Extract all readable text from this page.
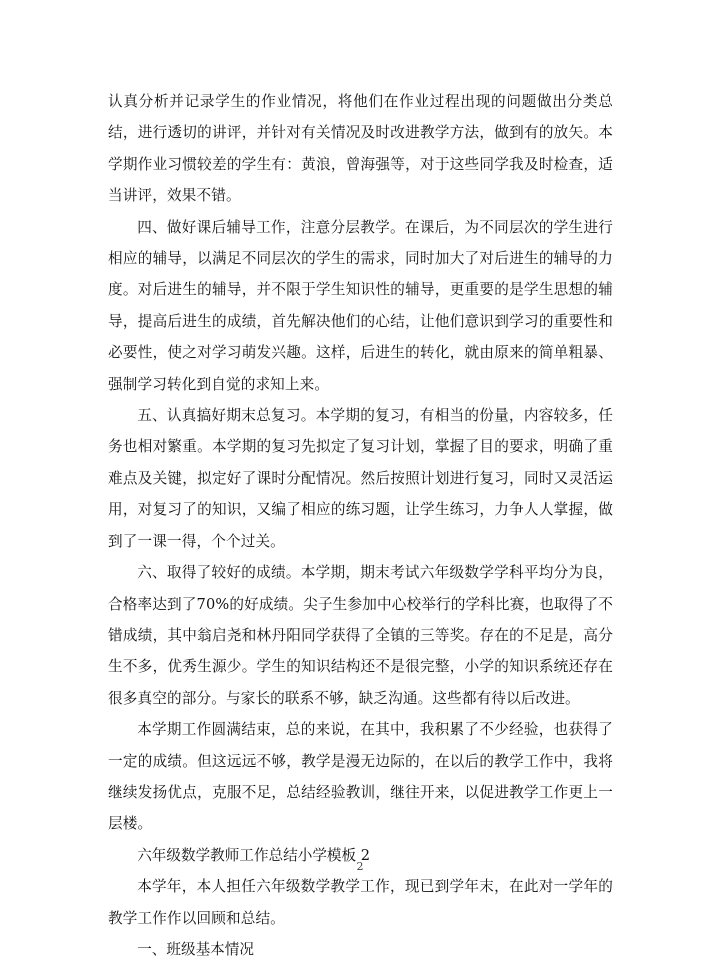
认真分析并记录学生的作业情况，将他们在作业过程出现的问题做出分类总结，进行透切的讲评，并针对有关情况及时改进教学方法，做到有的放矢。本学期作业习惯较差的学生有：黄浪，曾海强等，对于这些同学我及时检查，适当讲评，效果不错。

四、做好课后辅导工作，注意分层教学。在课后，为不同层次的学生进行相应的辅导，以满足不同层次的学生的需求，同时加大了对后进生的辅导的力度。对后进生的辅导，并不限于学生知识性的辅导，更重要的是学生思想的辅导，提高后进生的成绩，首先解决他们的心结，让他们意识到学习的重要性和必要性，使之对学习萌发兴趣。这样，后进生的转化，就由原来的简单粗暴、强制学习转化到自觉的求知上来。

五、认真搞好期末总复习。本学期的复习，有相当的份量，内容较多，任务也相对繁重。本学期的复习先拟定了复习计划，掌握了目的要求，明确了重难点及关键，拟定好了课时分配情况。然后按照计划进行复习，同时又灵活运用，对复习了的知识，又编了相应的练习题，让学生练习，力争人人掌握，做到了一课一得，个个过关。

六、取得了较好的成绩。本学期，期末考试六年级数学学科平均分为良，合格率达到了70%的好成绩。尖子生参加中心校举行的学科比赛，也取得了不错成绩，其中翁启尧和林丹阳同学获得了全镇的三等奖。存在的不足是，高分生不多，优秀生源少。学生的知识结构还不是很完整，小学的知识系统还存在很多真空的部分。与家长的联系不够，缺乏沟通。这些都有待以后改进。

本学期工作圆满结束，总的来说，在其中，我积累了不少经验，也获得了一定的成绩。但这远远不够，教学是漫无边际的，在以后的教学工作中，我将继续发扬优点，克服不足，总结经验教训，继往开来，以促进教学工作更上一层楼。

六年级数学教师工作总结小学模板 2

本学年，本人担任六年级数学教学工作，现已到学年末，在此对一学年的教学工作作以回顾和总结。

一、班级基本情况

2
